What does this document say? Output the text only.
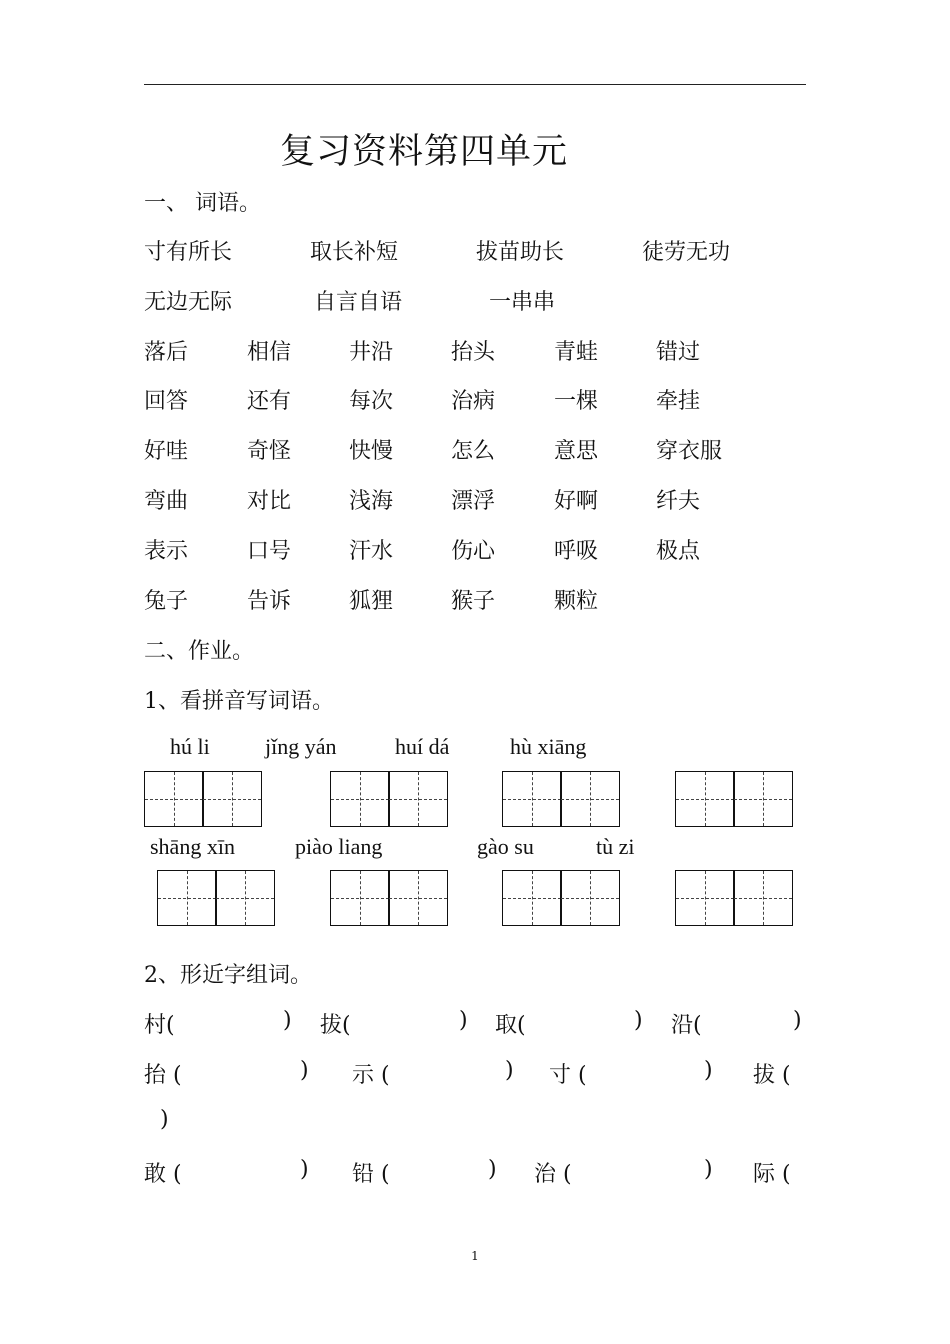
复习资料第四单元
一、 词语。
寸有所长	取长补短	拔苗助长	徒劳无功
无边无际	自言自语	一串串
落后	相信	井沿	抬头	青蛙	错过
回答	还有	每次	治病	一棵	牵挂
好哇	奇怪	快慢	怎么	意思	穿衣服
弯曲	对比	浅海	漂浮	好啊	纤夫
表示	口号	汗水	伤心	呼吸	极点
兔子	告诉	狐狸	猴子	颗粒
二、作业。
1、看拼音写词语。
hú li	jǐng yán	huí dá	hù xiāng
shāng xīn	piào liang	gào su	tù zi
2、形近字组词。
村(	) 拔(	) 取(	) 沿(	)
抬 (	) 示 (	) 寸 (	) 拔 (
)
敢 (	) 铅 (	) 治 (	) 际 (
1
